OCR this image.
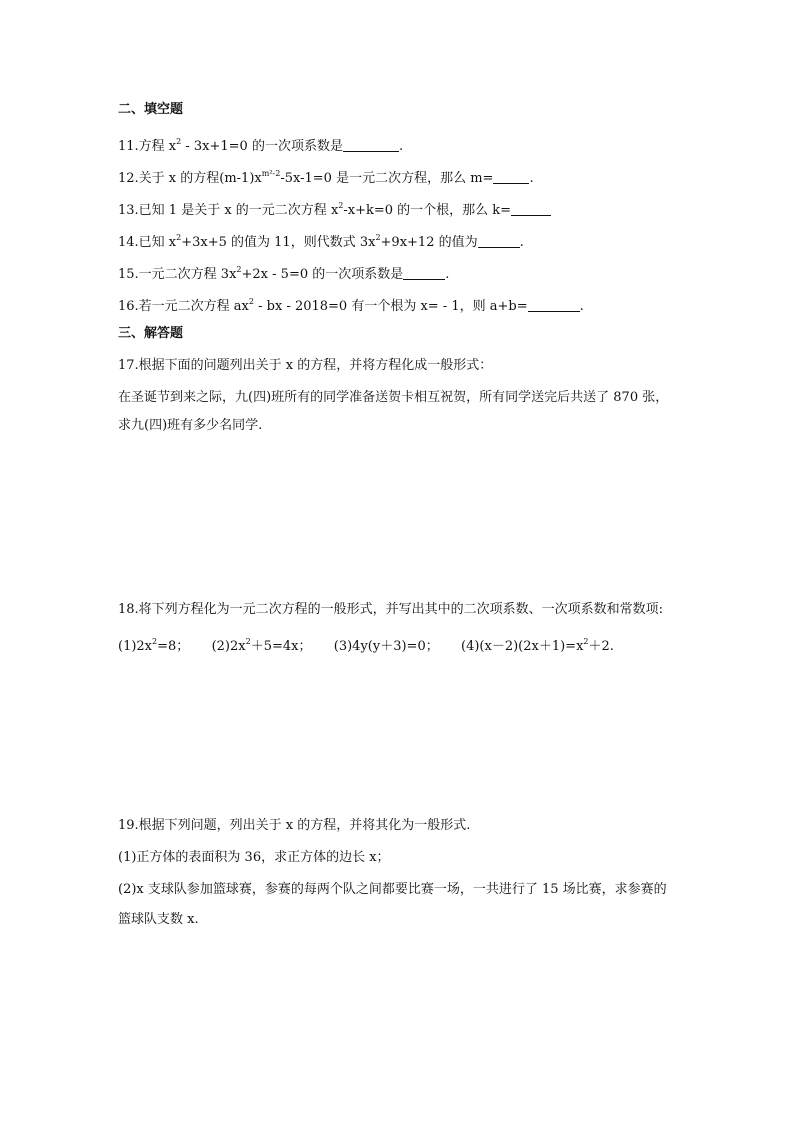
二、填空题
11.方程 $x^2 - 3x+1=0$ 的一次项系数是	.
12.关于 x 的方程$(m-1)x^{m^2-2}-5x-1=0$ 是一元二次方程，那么 m=	.
13.已知 1 是关于 x 的一元二次方程 $x^2-x+k=0$ 的一个根，那么 k=
14.已知 $x^2+3x+5$ 的值为 11，则代数式 $3x^2+9x+12$ 的值为	.
15.一元二次方程 $3x^2+2x - 5=0$ 的一次项系数是	.
16.若一元二次方程 $ax^2$ - bx - 2018=0 有一个根为 x= - 1，则 a+b=	.
三、解答题
17.根据下面的问题列出关于 x 的方程，并将方程化成一般形式：
在圣诞节到来之际，九(四)班所有的同学准备送贺卡相互祝贺，所有同学送完后共送了 870 张，
求九(四)班有多少名同学.
18.将下列方程化为一元二次方程的一般形式，并写出其中的二次项系数、一次项系数和常数项:
$(1)2x^2=8$； $(2)2x^2+5=4x$； (3)4y(y＋3)=0； $(4)(x-2)(2x+1)=x^2+2$.
19.根据下列问题，列出关于 x 的方程，并将其化为一般形式.
(1)正方体的表面积为 36，求正方体的边长 x；
(2)x 支球队参加篮球赛，参赛的每两个队之间都要比赛一场，一共进行了 15 场比赛，求参赛的
篮球队支数 x.
